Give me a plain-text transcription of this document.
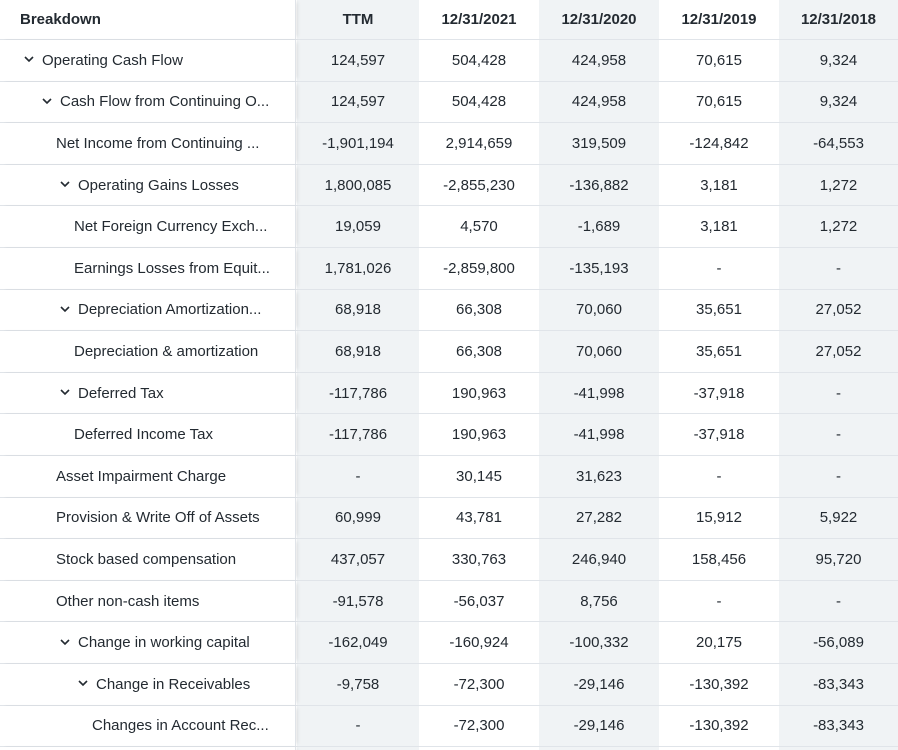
Breakdown	TTM	12/31/2021	12/31/2020	12/31/2019	12/31/2018
Operating Cash Flow	124,597	504,428	424,958	70,615	9,324
Cash Flow from Continuing O...	124,597	504,428	424,958	70,615	9,324
Net Income from Continuing ...	-1,901,194	2,914,659	319,509	-124,842	-64,553
Operating Gains Losses	1,800,085	-2,855,230	-136,882	3,181	1,272
Net Foreign Currency Exch...	19,059	4,570	-1,689	3,181	1,272
Earnings Losses from Equit...	1,781,026	-2,859,800	-135,193	-	-
Depreciation Amortization...	68,918	66,308	70,060	35,651	27,052
Depreciation & amortization	68,918	66,308	70,060	35,651	27,052
Deferred Tax	-117,786	190,963	-41,998	-37,918	-
Deferred Income Tax	-117,786	190,963	-41,998	-37,918	-
Asset Impairment Charge	-	30,145	31,623	-	-
Provision & Write Off of Assets	60,999	43,781	27,282	15,912	5,922
Stock based compensation	437,057	330,763	246,940	158,456	95,720
Other non-cash items	-91,578	-56,037	8,756	-	-
Change in working capital	-162,049	-160,924	-100,332	20,175	-56,089
Change in Receivables	-9,758	-72,300	-29,146	-130,392	-83,343
Changes in Account Rec...	-	-72,300	-29,146	-130,392	-83,343
